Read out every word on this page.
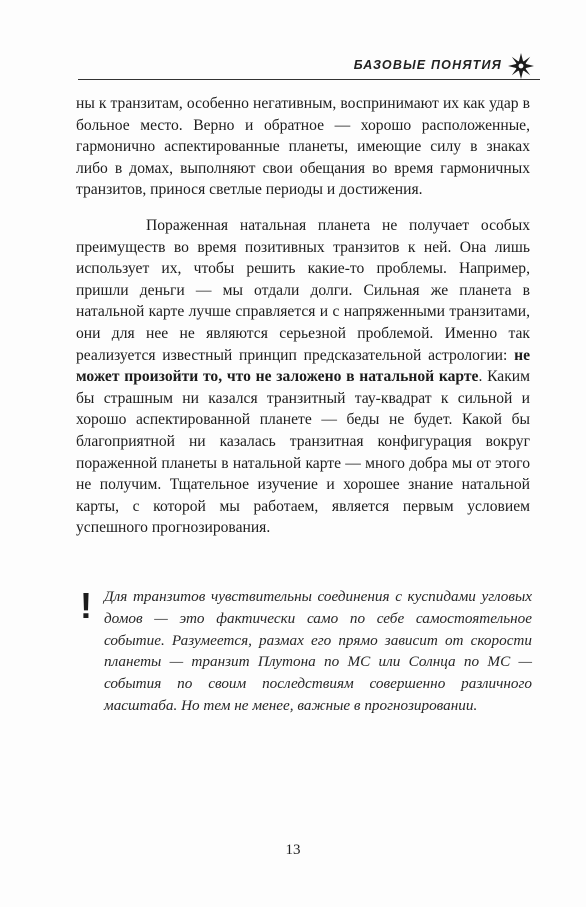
БАЗОВЫЕ ПОНЯТИЯ

ны к транзитам, особенно негативным, воспринимают их как удар в больное место. Верно и обратное — хорошо расположенные, гармонично аспектированные планеты, имеющие силу в знаках либо в домах, выполняют свои обещания во время гармоничных транзитов, принося светлые периоды и достижения.

Пораженная натальная планета не получает особых преимуществ во время позитивных транзитов к ней. Она лишь использует их, чтобы решить какие-то проблемы. Например, пришли деньги — мы отдали долги. Сильная же планета в натальной карте лучше справляется и с напряженными транзитами, они для нее не являются серьезной проблемой. Именно так реализуется известный принцип предсказательной астрологии: не может произойти то, что не заложено в натальной карте. Каким бы страшным ни казался транзитный тау-квадрат к сильной и хорошо аспектированной планете — беды не будет. Какой бы благоприятной ни казалась транзитная конфигурация вокруг пораженной планеты в натальной карте — много добра мы от этого не получим. Тщательное изучение и хорошее знание натальной карты, с которой мы работаем, является первым условием успешного прогнозирования.

! Для транзитов чувствительны соединения с куспидами угловых домов — это фактически само по себе самостоятельное событие. Разумеется, размах его прямо зависит от скорости планеты — транзит Плутона по МС или Солнца по МС — события по своим последствиям совершенно различного масштаба. Но тем не менее, важные в прогнозировании.
13
